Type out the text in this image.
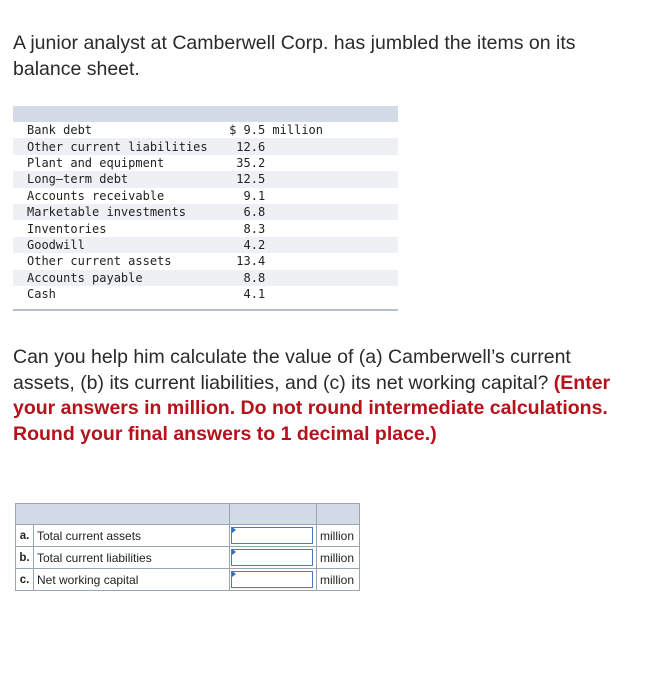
A junior analyst at Camberwell Corp. has jumbled the items on its balance sheet.

Bank debt	$ 9.5 million
Other current liabilities	12.6
Plant and equipment	35.2
Long–term debt	12.5
Accounts receivable	9.1
Marketable investments	6.8
Inventories	8.3
Goodwill	4.2
Other current assets	13.4
Accounts payable	8.8
Cash	4.1

Can you help him calculate the value of (a) Camberwell’s current assets, (b) its current liabilities, and (c) its net working capital? (Enter your answers in million. Do not round intermediate calculations. Round your final answers to 1 decimal place.)

a.	Total current assets		million
b.	Total current liabilities		million
c.	Net working capital		million
